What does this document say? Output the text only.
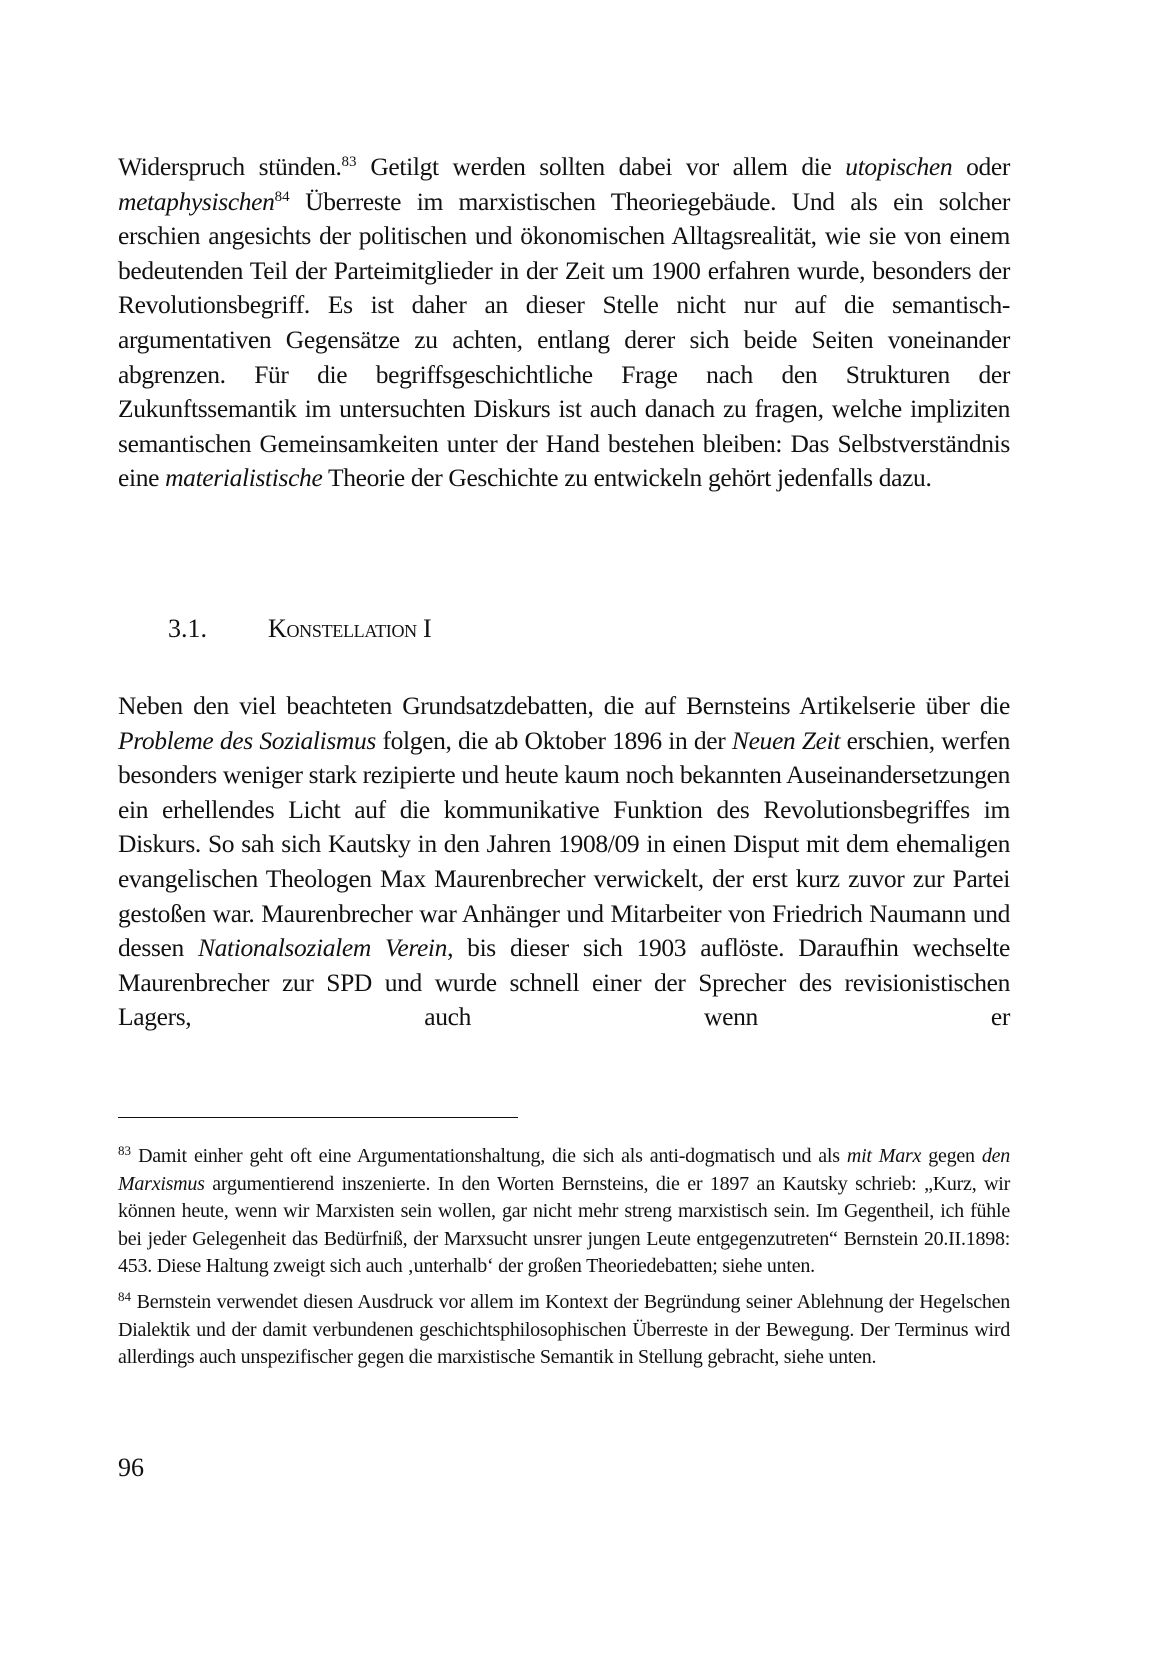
Widerspruch stünden.$^{83}$ Getilgt werden sollten dabei vor allem die utopischen oder metaphysischen$^{84}$ Überreste im marxistischen Theoriegebäude. Und als ein solcher erschien angesichts der politischen und ökonomischen Alltagsrealität, wie sie von einem bedeutenden Teil der Parteimitglieder in der Zeit um 1900 erfahren wurde, besonders der Revolutionsbegriff. Es ist daher an dieser Stelle nicht nur auf die semantisch-argumentativen Gegensätze zu achten, entlang derer sich beide Seiten voneinander abgrenzen. Für die begriffsgeschichtliche Frage nach den Strukturen der Zukunftssemantik im untersuchten Diskurs ist auch danach zu fragen, welche impliziten semantischen Gemeinsamkeiten unter der Hand bestehen bleiben: Das Selbstverständnis eine materialistische Theorie der Geschichte zu entwickeln gehört jedenfalls dazu.

3.1. Konstellation I

Neben den viel beachteten Grundsatzdebatten, die auf Bernsteins Artikelserie über die Probleme des Sozialismus folgen, die ab Oktober 1896 in der Neuen Zeit erschien, werfen besonders weniger stark rezipierte und heute kaum noch bekannten Auseinandersetzungen ein erhellendes Licht auf die kommunikative Funktion des Revolutionsbegriffes im Diskurs. So sah sich Kautsky in den Jahren 1908/09 in einen Disput mit dem ehemaligen evangelischen Theologen Max Maurenbrecher verwickelt, der erst kurz zuvor zur Partei gestoßen war. Maurenbrecher war Anhänger und Mitarbeiter von Friedrich Naumann und dessen Nationalsozialem Verein, bis dieser sich 1903 auflöste. Daraufhin wechselte Maurenbrecher zur SPD und wurde schnell einer der Sprecher des revisionistischen Lagers, auch wenn er

$^{83}$ Damit einher geht oft eine Argumentationshaltung, die sich als anti-dogmatisch und als mit Marx gegen den Marxismus argumentierend inszenierte. In den Worten Bernsteins, die er 1897 an Kautsky schrieb: „Kurz, wir können heute, wenn wir Marxisten sein wollen, gar nicht mehr streng marxistisch sein. Im Gegentheil, ich fühle bei jeder Gelegenheit das Bedürfniß, der Marxsucht unsrer jungen Leute entgegenzutreten“ Bernstein 20.II.1898: 453. Diese Haltung zweigt sich auch ‚unterhalb‘ der großen Theoriedebatten; siehe unten.

$^{84}$ Bernstein verwendet diesen Ausdruck vor allem im Kontext der Begründung seiner Ablehnung der Hegelschen Dialektik und der damit verbundenen geschichtsphilosophischen Überreste in der Bewegung. Der Terminus wird allerdings auch unspezifischer gegen die marxistische Semantik in Stellung gebracht, siehe unten.

96
